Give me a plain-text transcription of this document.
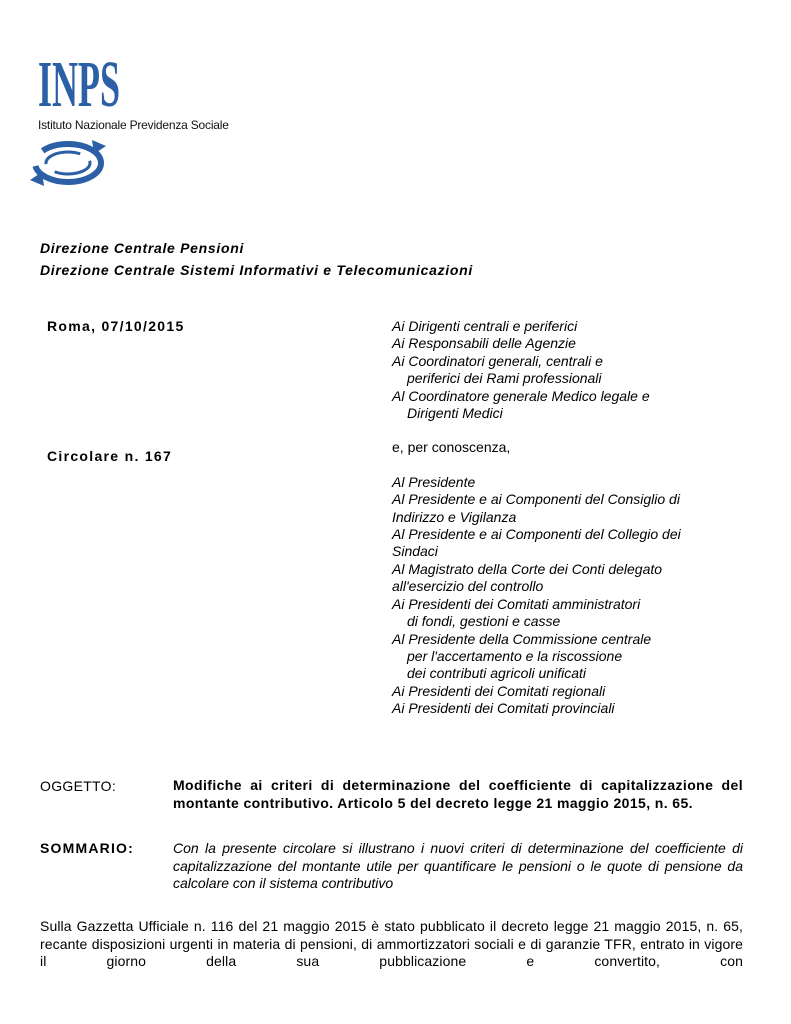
INPS
Istituto Nazionale Previdenza Sociale
Direzione Centrale Pensioni
Direzione Centrale Sistemi Informativi e Telecomunicazioni
Roma, 07/10/2015
Circolare n. 167
Ai Dirigenti centrali e periferici
Ai Responsabili delle Agenzie
Ai Coordinatori generali, centrali e
periferici dei Rami professionali
Al Coordinatore generale Medico legale e
Dirigenti Medici
e, per conoscenza,
Al Presidente
Al Presidente e ai Componenti del Consiglio di
Indirizzo e Vigilanza
Al Presidente e ai Componenti del Collegio dei
Sindaci
Al Magistrato della Corte dei Conti delegato
all'esercizio del controllo
Ai Presidenti dei Comitati amministratori
di fondi, gestioni e casse
Al Presidente della Commissione centrale
per l'accertamento e la riscossione
dei contributi agricoli unificati
Ai Presidenti dei Comitati regionali
Ai Presidenti dei Comitati provinciali
OGGETTO:	Modifiche ai criteri di determinazione del coefficiente di capitalizzazione del montante contributivo. Articolo 5 del decreto legge 21 maggio 2015, n. 65.
SOMMARIO:	Con la presente circolare si illustrano i nuovi criteri di determinazione del coefficiente di capitalizzazione del montante utile per quantificare le pensioni o le quote di pensione da calcolare con il sistema contributivo
Sulla Gazzetta Ufficiale n. 116 del 21 maggio 2015 è stato pubblicato il decreto legge 21 maggio 2015, n. 65, recante disposizioni urgenti in materia di pensioni, di ammortizzatori sociali e di garanzie TFR, entrato in vigore il giorno della sua pubblicazione e convertito, con
